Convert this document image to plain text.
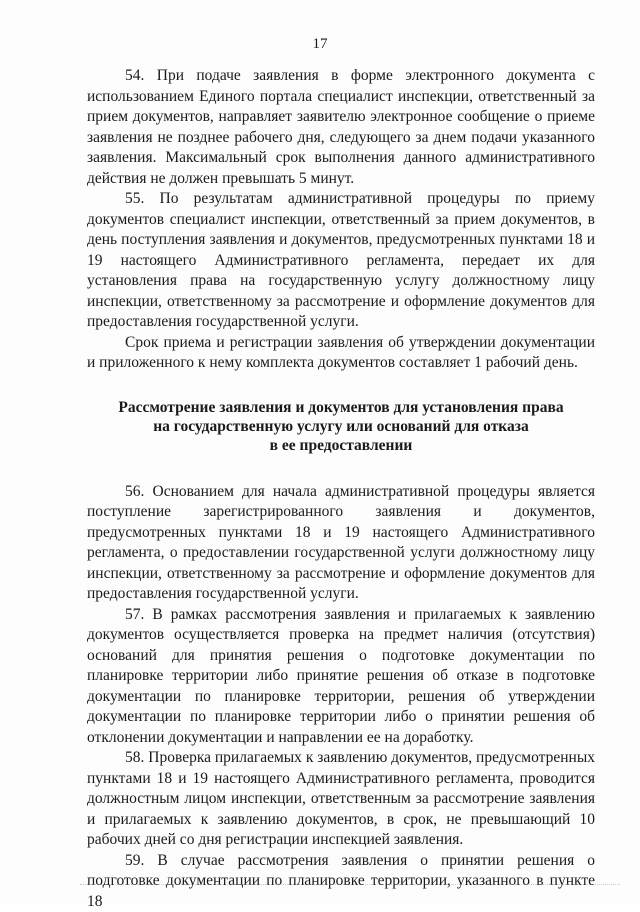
17

54. При подаче заявления в форме электронного документа с использованием Единого портала специалист инспекции, ответственный за прием документов, направляет заявителю электронное сообщение о приеме заявления не позднее рабочего дня, следующего за днем подачи указанного заявления. Максимальный срок выполнения данного административного действия не должен превышать 5 минут.

55. По результатам административной процедуры по приему документов специалист инспекции, ответственный за прием документов, в день поступления заявления и документов, предусмотренных пунктами 18 и 19 настоящего Административного регламента, передает их для установления права на государственную услугу должностному лицу инспекции, ответственному за рассмотрение и оформление документов для предоставления государственной услуги.

Срок приема и регистрации заявления об утверждении документации и приложенного к нему комплекта документов составляет 1 рабочий день.

Рассмотрение заявления и документов для установления права
на государственную услугу или оснований для отказа
в ее предоставлении

56. Основанием для начала административной процедуры является поступление зарегистрированного заявления и документов, предусмотренных пунктами 18 и 19 настоящего Административного регламента, о предоставлении государственной услуги должностному лицу инспекции, ответственному за рассмотрение и оформление документов для предоставления государственной услуги.

57. В рамках рассмотрения заявления и прилагаемых к заявлению документов осуществляется проверка на предмет наличия (отсутствия) оснований для принятия решения о подготовке документации по планировке территории либо принятие решения об отказе в подготовке документации по планировке территории, решения об утверждении документации по планировке территории либо о принятии решения об отклонении документации и направлении ее на доработку.

58. Проверка прилагаемых к заявлению документов, предусмотренных пунктами 18 и 19 настоящего Административного регламента, проводится должностным лицом инспекции, ответственным за рассмотрение заявления и прилагаемых к заявлению документов, в срок, не превышающий 10 рабочих дней со дня регистрации инспекцией заявления.

59. В случае рассмотрения заявления о принятии решения о подготовке документации по планировке территории, указанного в пункте 18
